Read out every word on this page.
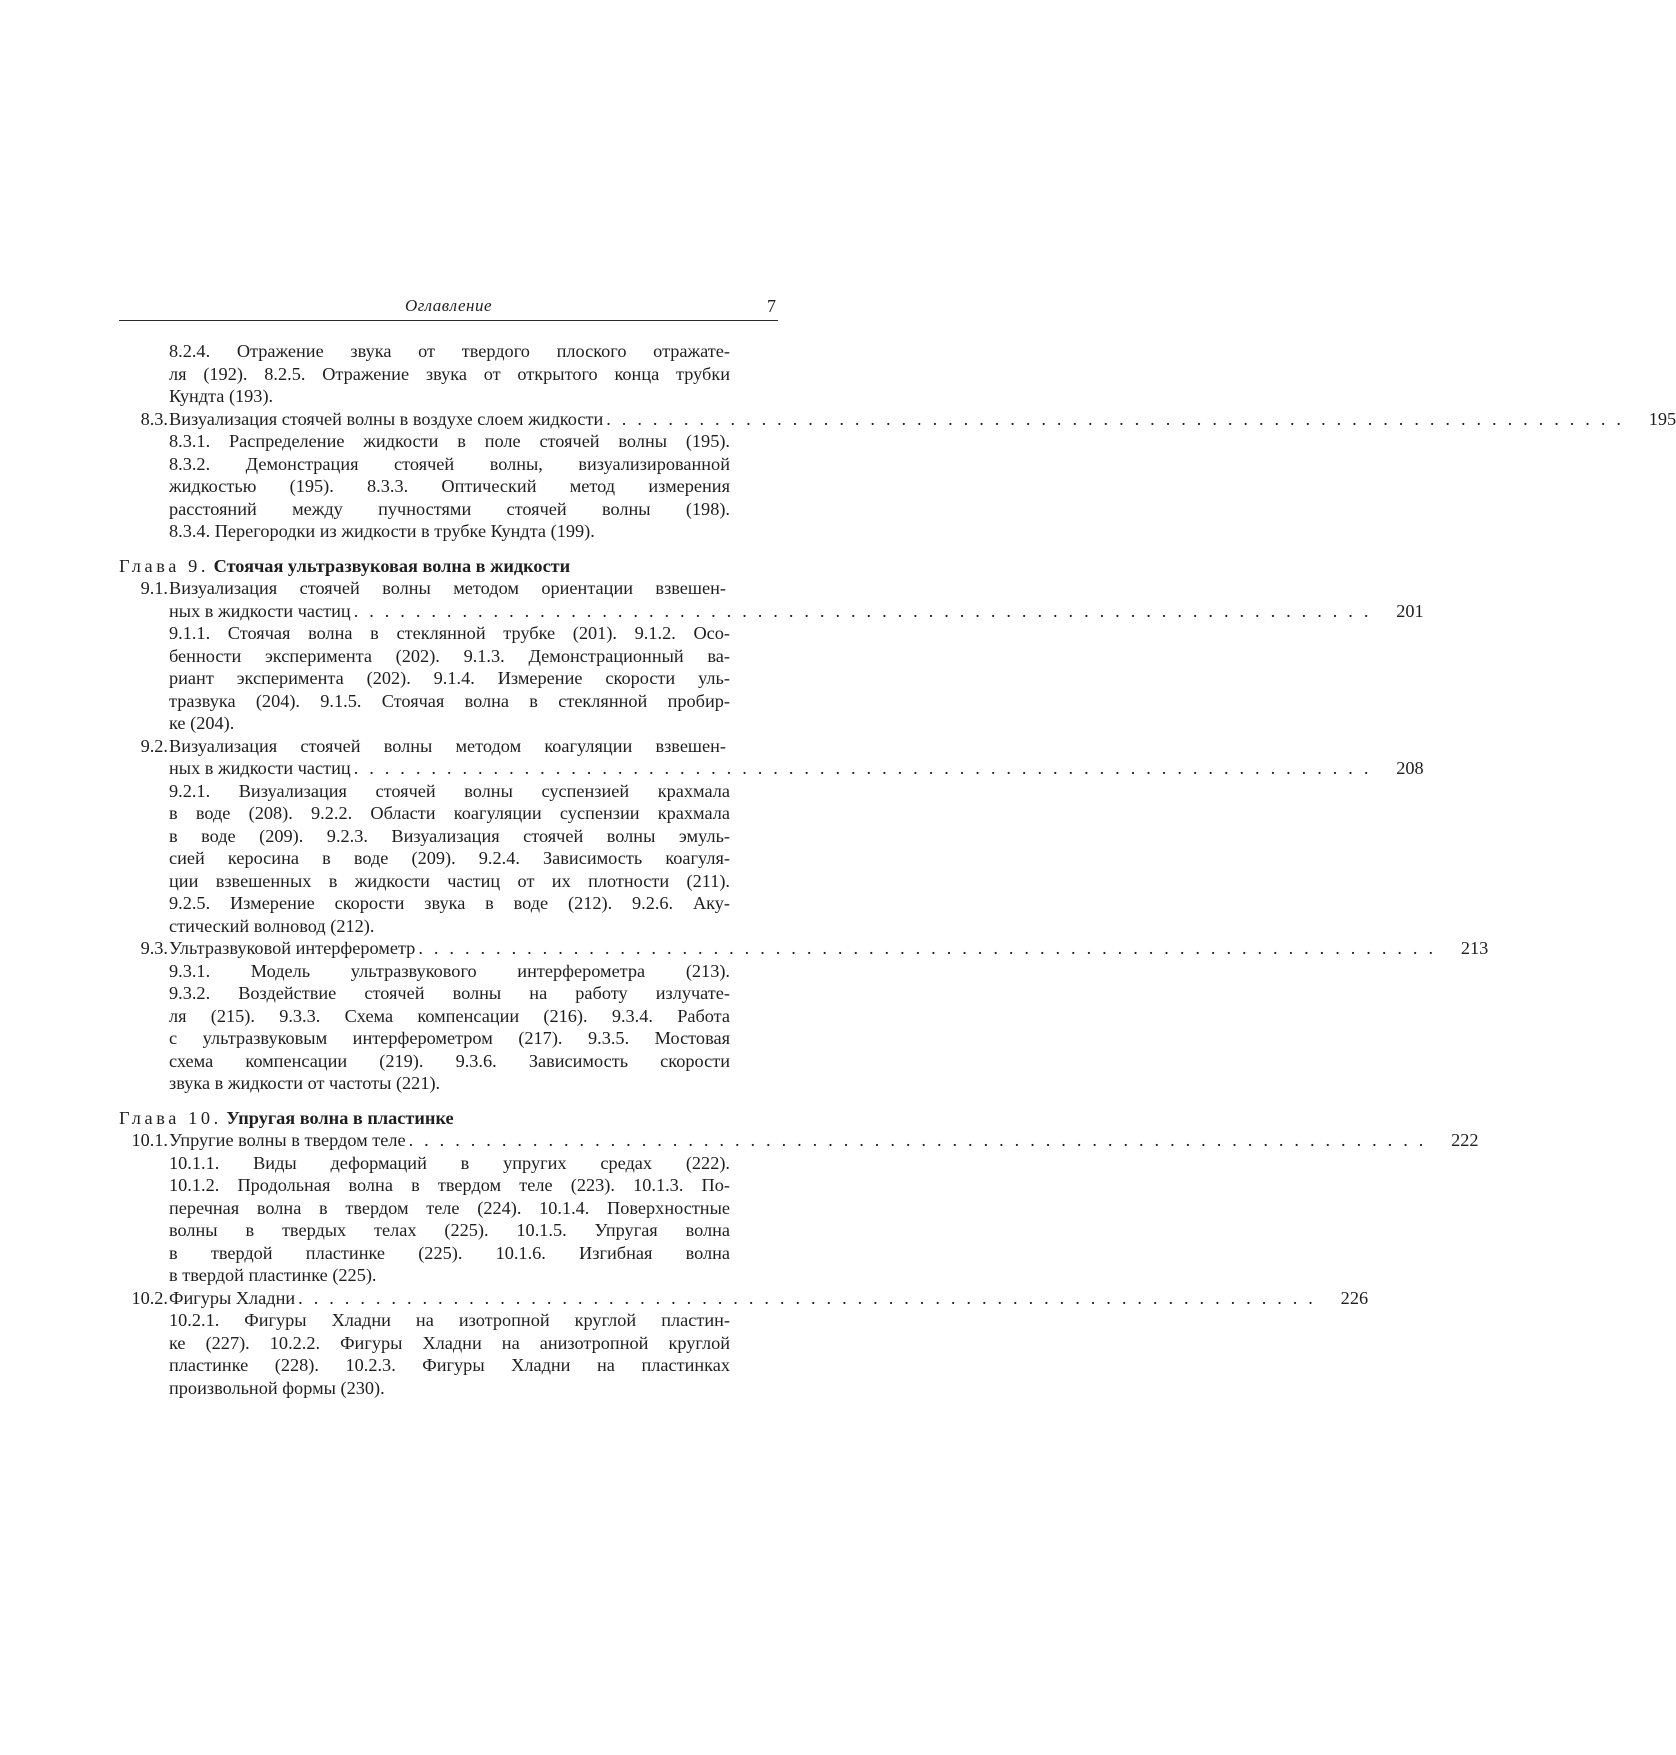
Оглавление	7
8.2.4. Отражение звука от твердого плоского отражате-
ля (192). 8.2.5. Отражение звука от открытого конца трубки
Кундта (193).
8.3. Визуализация стоячей волны в воздухе слоем жидкости . . . . . . . . . . . . . . . . . . . . . . . . . . . . . . . . . . . . . . . . . . . . . . . . . . . . . . . . . . . . . . . . . .	195
8.3.1. Распределение жидкости в поле стоячей волны (195).
8.3.2. Демонстрация стоячей волны, визуализированной
жидкостью (195). 8.3.3. Оптический метод измерения
расстояний между пучностями стоячей волны (198).
8.3.4. Перегородки из жидкости в трубке Кундта (199).
Глава 9. Стоячая ультразвуковая волна в жидкости
9.1. Визуализация стоячей волны методом ориентации взвешен-
ных в жидкости частиц . . . . . . . . . . . . . . . . . . . . . . . . . . . . . . . . . . . . . . . . . . . . . . . . . . . . . . . . . . . . . . . . . .	201
9.1.1. Стоячая волна в стеклянной трубке (201). 9.1.2. Осо-
бенности эксперимента (202). 9.1.3. Демонстрационный ва-
риант эксперимента (202). 9.1.4. Измерение скорости уль-
тразвука (204). 9.1.5. Стоячая волна в стеклянной пробир-
ке (204).
9.2. Визуализация стоячей волны методом коагуляции взвешен-
ных в жидкости частиц . . . . . . . . . . . . . . . . . . . . . . . . . . . . . . . . . . . . . . . . . . . . . . . . . . . . . . . . . . . . . . . . . .	208
9.2.1. Визуализация стоячей волны суспензией крахмала
в воде (208). 9.2.2. Области коагуляции суспензии крахмала
в воде (209). 9.2.3. Визуализация стоячей волны эмуль-
сией керосина в воде (209). 9.2.4. Зависимость коагуля-
ции взвешенных в жидкости частиц от их плотности (211).
9.2.5. Измерение скорости звука в воде (212). 9.2.6. Аку-
стический волновод (212).
9.3. Ультразвуковой интерферометр . . . . . . . . . . . . . . . . . . . . . . . . . . . . . . . . . . . . . . . . . . . . . . . . . . . . . . . . . . . . . . . . . .	213
9.3.1. Модель ультразвукового интерферометра (213).
9.3.2. Воздействие стоячей волны на работу излучате-
ля (215). 9.3.3. Схема компенсации (216). 9.3.4. Работа
с ультразвуковым интерферометром (217). 9.3.5. Мостовая
схема компенсации (219). 9.3.6. Зависимость скорости
звука в жидкости от частоты (221).
Глава 10. Упругая волна в пластинке
10.1. Упругие волны в твердом теле . . . . . . . . . . . . . . . . . . . . . . . . . . . . . . . . . . . . . . . . . . . . . . . . . . . . . . . . . . . . . . . . . .	222
10.1.1. Виды деформаций в упругих средах (222).
10.1.2. Продольная волна в твердом теле (223). 10.1.3. По-
перечная волна в твердом теле (224). 10.1.4. Поверхностные
волны в твердых телах (225). 10.1.5. Упругая волна
в твердой пластинке (225). 10.1.6. Изгибная волна
в твердой пластинке (225).
10.2. Фигуры Хладни . . . . . . . . . . . . . . . . . . . . . . . . . . . . . . . . . . . . . . . . . . . . . . . . . . . . . . . . . . . . . . . . . .	226
10.2.1. Фигуры Хладни на изотропной круглой пластин-
ке (227). 10.2.2. Фигуры Хладни на анизотропной круглой
пластинке (228). 10.2.3. Фигуры Хладни на пластинках
произвольной формы (230).
